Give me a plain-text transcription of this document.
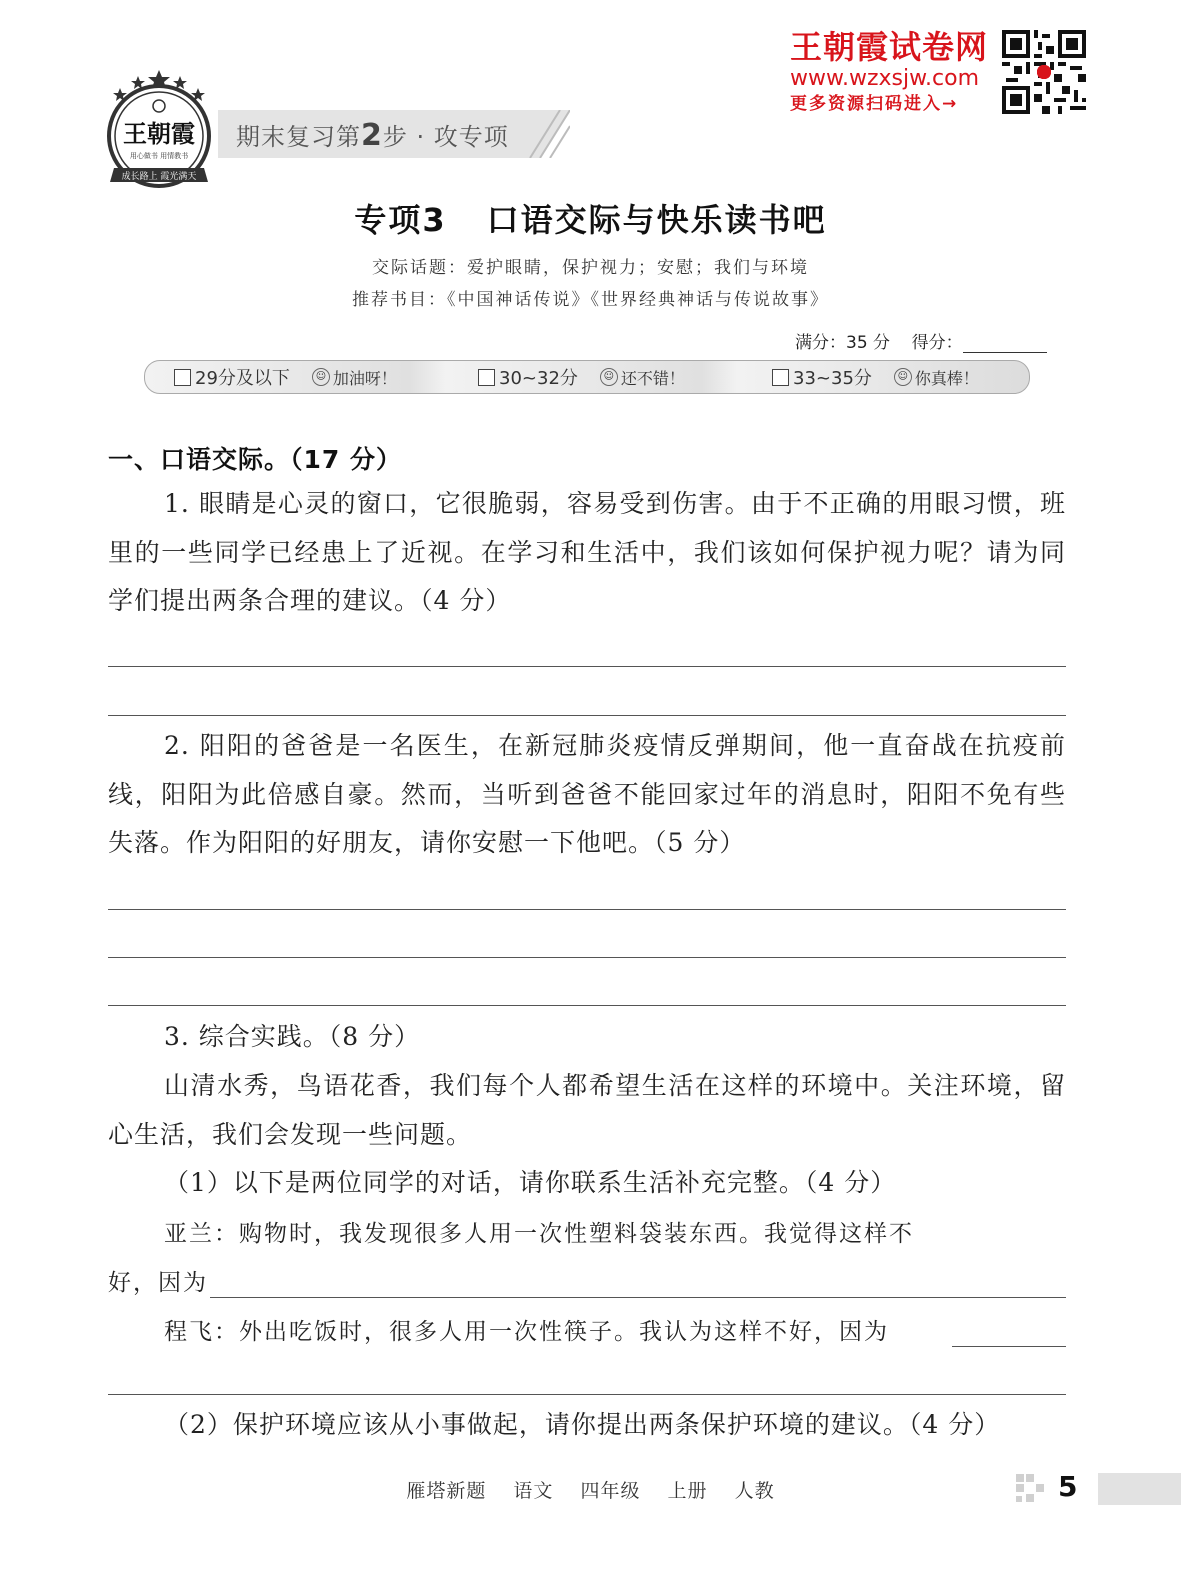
王朝霞
用心做书 用情教书
成长路上 霞光满天
期末复习第2步 · 攻专项
王朝霞试卷网
www.wzxsjw.com
更多资源扫码进入→
专项3 口语交际与快乐读书吧
交际话题：爱护眼睛，保护视力；安慰；我们与环境
推荐书目：《中国神话传说》《世界经典神话与传说故事》
满分：35 分 得分：
29分及以下	☺ 加油呀！	30~32分	☺ 还不错！	33~35分	☺ 你真棒！
一、口语交际。（17 分）
1. 眼睛是心灵的窗口，它很脆弱，容易受到伤害。由于不正确的用眼习惯，班里的一些同学已经患上了近视。在学习和生活中，我们该如何保护视力呢？请为同学们提出两条合理的建议。（4 分）
2. 阳阳的爸爸是一名医生，在新冠肺炎疫情反弹期间，他一直奋战在抗疫前线，阳阳为此倍感自豪。然而，当听到爸爸不能回家过年的消息时，阳阳不免有些失落。作为阳阳的好朋友，请你安慰一下他吧。（5 分）
3. 综合实践。（8 分）
山清水秀，鸟语花香，我们每个人都希望生活在这样的环境中。关注环境，留心生活，我们会发现一些问题。
（1）以下是两位同学的对话，请你联系生活补充完整。（4 分）
亚兰：购物时，我发现很多人用一次性塑料袋装东西。我觉得这样不
好，因为
程飞：外出吃饭时，很多人用一次性筷子。我认为这样不好，因为
（2）保护环境应该从小事做起，请你提出两条保护环境的建议。（4 分）
雁塔新题 语文 四年级 上册 人教	5
